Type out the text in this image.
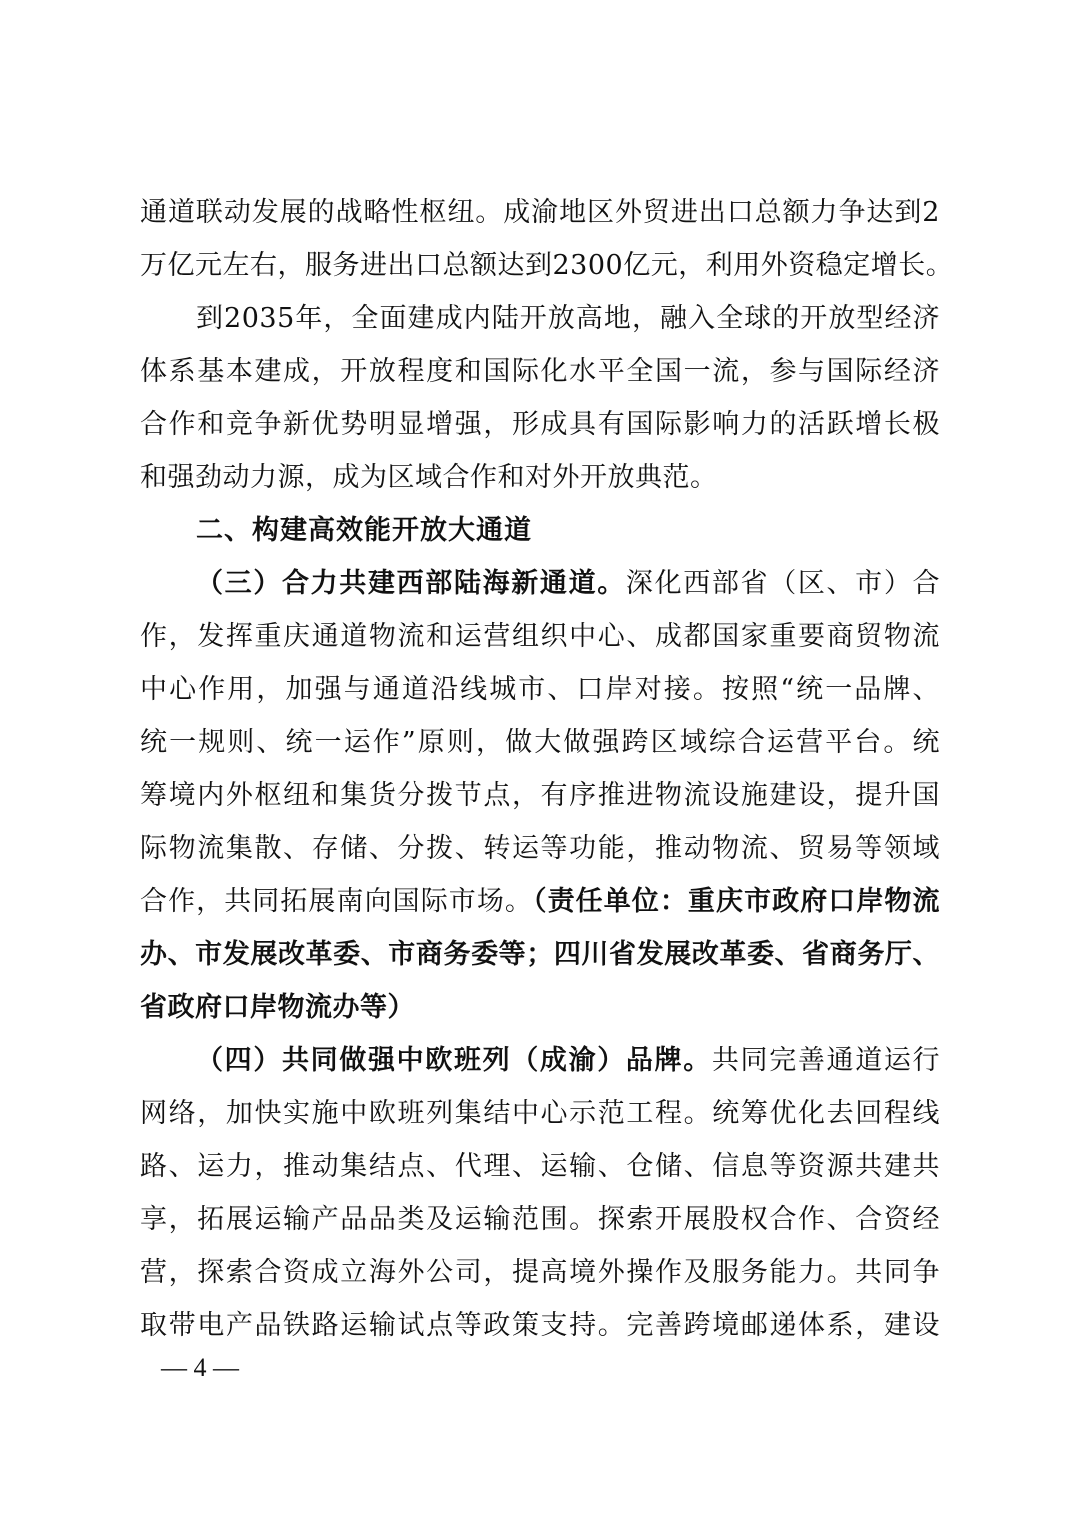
通道联动发展的战略性枢纽。成渝地区外贸进出口总额力争达到2
万亿元左右，服务进出口总额达到2300亿元，利用外资稳定增长。
到2035年，全面建成内陆开放高地，融入全球的开放型经济
体系基本建成，开放程度和国际化水平全国一流，参与国际经济
合作和竞争新优势明显增强，形成具有国际影响力的活跃增长极
和强劲动力源，成为区域合作和对外开放典范。
二、构建高效能开放大通道
（三）合力共建西部陆海新通道。深化西部省（区、市）合
作，发挥重庆通道物流和运营组织中心、成都国家重要商贸物流
中心作用，加强与通道沿线城市、口岸对接。按照“统一品牌、
统一规则、统一运作”原则，做大做强跨区域综合运营平台。统
筹境内外枢纽和集货分拨节点，有序推进物流设施建设，提升国
际物流集散、存储、分拨、转运等功能，推动物流、贸易等领域
合作，共同拓展南向国际市场。（责任单位：重庆市政府口岸物流
办、市发展改革委、市商务委等；四川省发展改革委、省商务厅、
省政府口岸物流办等）
（四）共同做强中欧班列（成渝）品牌。共同完善通道运行
网络，加快实施中欧班列集结中心示范工程。统筹优化去回程线
路、运力，推动集结点、代理、运输、仓储、信息等资源共建共
享，拓展运输产品品类及运输范围。探索开展股权合作、合资经
营，探索合资成立海外公司，提高境外操作及服务能力。共同争
取带电产品铁路运输试点等政策支持。完善跨境邮递体系，建设
— 4 —
